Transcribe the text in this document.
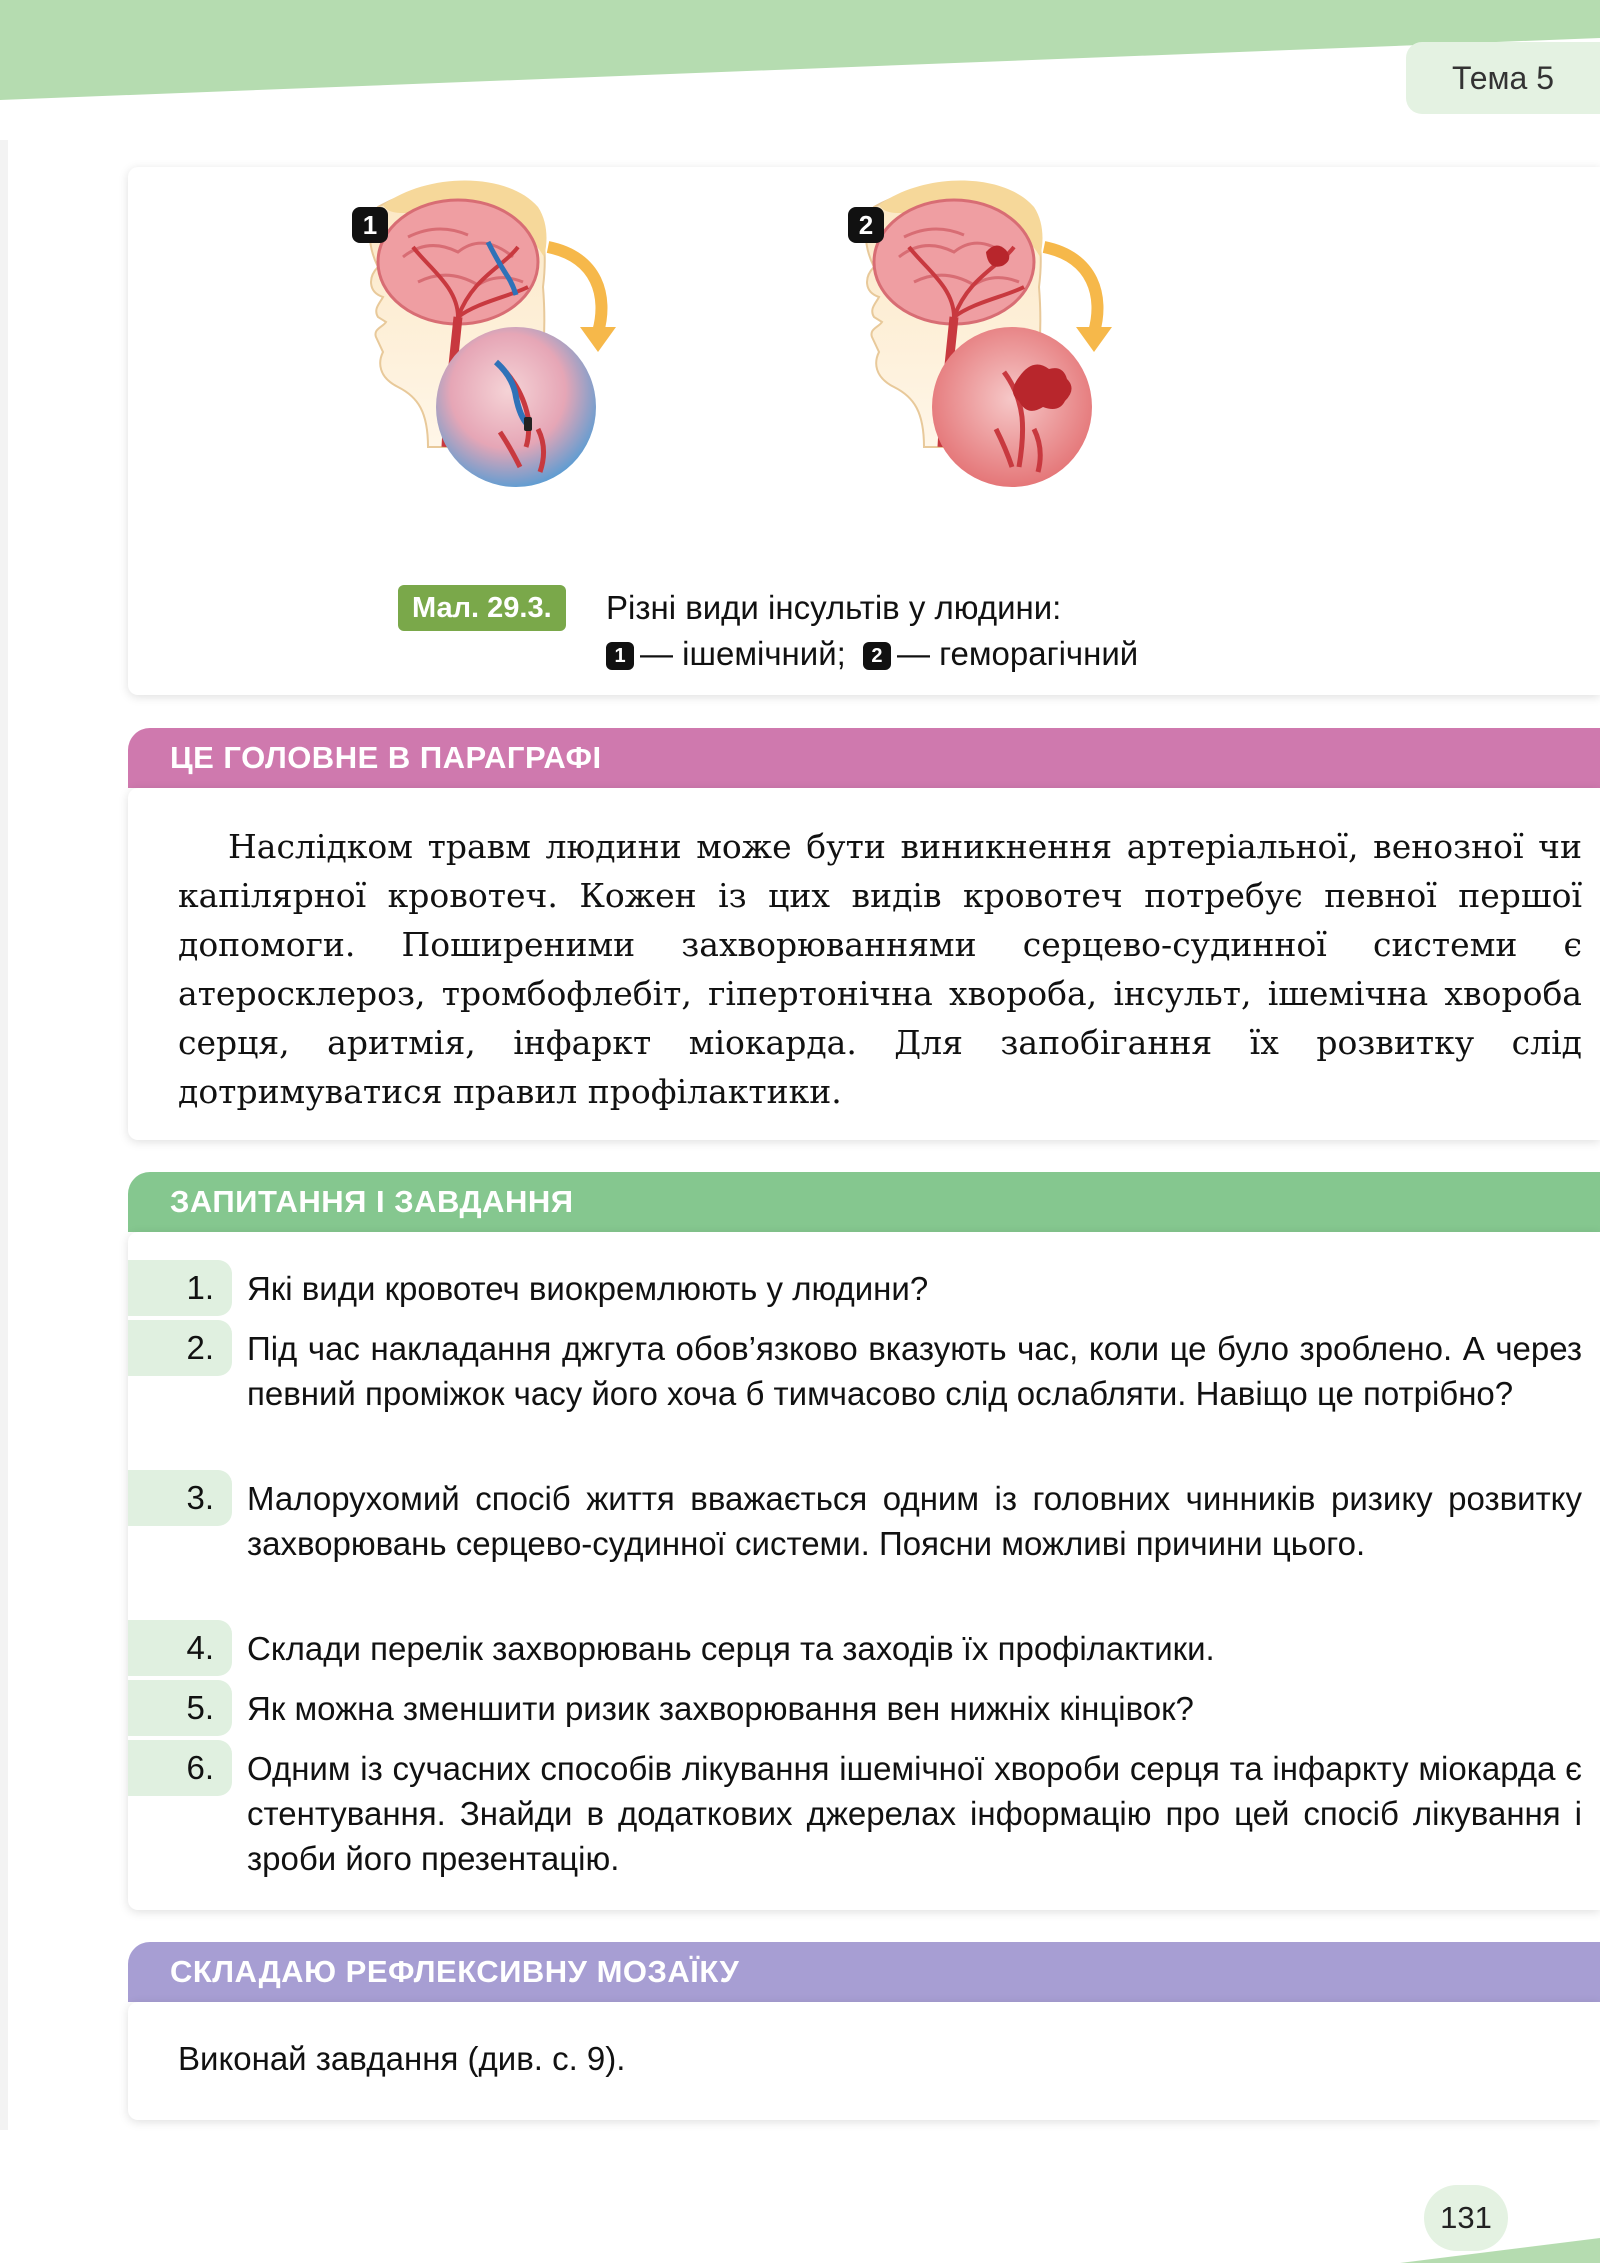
Тема 5
1	2
Мал. 29.3.	Різні види інсультів у людини:
1 — ішемічний; 2 — геморагічний
ЦЕ ГОЛОВНЕ В ПАРАГРАФІ

Наслідком травм людини може бути виникнення артеріальної, венозної чи капілярної кровотеч. Кожен із цих видів кровотеч потребує певної першої допомоги. Поширеними захворюваннями серцево-судинної системи є атеросклероз, тромбофлебіт, гіпертонічна хвороба, інсульт, ішемічна хвороба серця, аритмія, інфаркт міокарда. Для запобігання їх розвитку слід дотримуватися правил профілактики.

ЗАПИТАННЯ І ЗАВДАННЯ
1.	Які види кровотеч виокремлюють у людини?

2.	Під час накладання джгута обов’язково вказують час, коли це було зроблено. А через певний проміжок часу його хоча б тимчасово слід ослабляти. Навіщо це потрібно?

3.	Малорухомий спосіб життя вважається одним із головних чинників ризику розвитку захворювань серцево-судинної системи. Поясни можливі причини цього.

4.	Склади перелік захворювань серця та заходів їх профілактики.

5.	Як можна зменшити ризик захворювання вен нижніх кінцівок?

6.	Одним із сучасних способів лікування ішемічної хвороби серця та інфаркту міокарда є стентування. Знайди в додаткових джерелах інформацію про цей спосіб лікування і зроби його презентацію.

СКЛАДАЮ РЕФЛЕКСИВНУ МОЗАЇКУ
Виконай завдання (див. с. 9).
131
